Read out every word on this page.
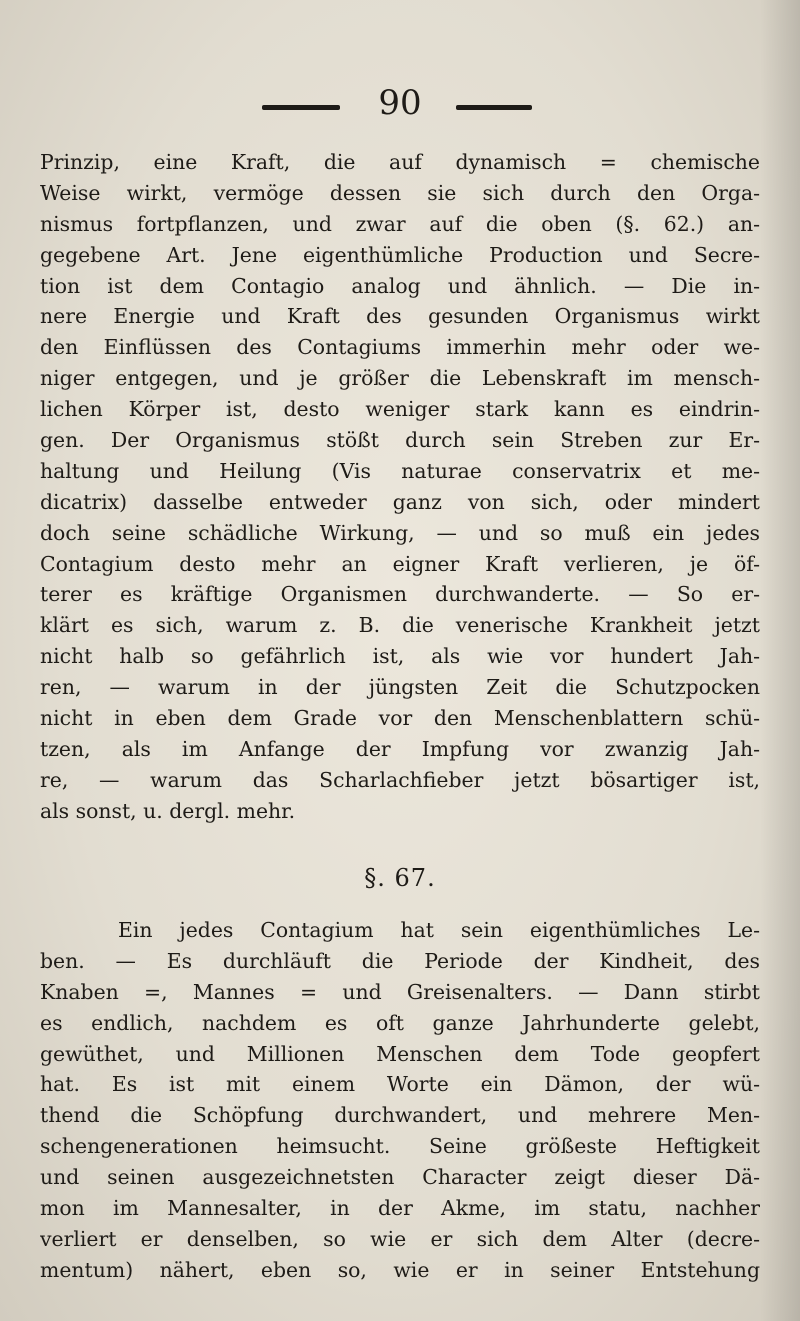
90
Prinzip, eine Kraft, die auf dynamisch = chemische
Weise wirkt, vermöge dessen sie sich durch den Orga-
nismus fortpflanzen, und zwar auf die oben (§. 62.) an-
gegebene Art. Jene eigenthümliche Production und Secre-
tion ist dem Contagio analog und ähnlich. — Die in-
nere Energie und Kraft des gesunden Organismus wirkt
den Einflüssen des Contagiums immerhin mehr oder we-
niger entgegen, und je größer die Lebenskraft im mensch-
lichen Körper ist, desto weniger stark kann es eindrin-
gen. Der Organismus stößt durch sein Streben zur Er-
haltung und Heilung (Vis naturae conservatrix et me-
dicatrix) dasselbe entweder ganz von sich, oder mindert
doch seine schädliche Wirkung, — und so muß ein jedes
Contagium desto mehr an eigner Kraft verlieren, je öf-
terer es kräftige Organismen durchwanderte. — So er-
klärt es sich, warum z. B. die venerische Krankheit jetzt
nicht halb so gefährlich ist, als wie vor hundert Jah-
ren, — warum in der jüngsten Zeit die Schutzpocken
nicht in eben dem Grade vor den Menschenblattern schü-
tzen, als im Anfange der Impfung vor zwanzig Jah-
re, — warum das Scharlachfieber jetzt bösartiger ist,
als sonst, u. dergl. mehr.
§. 67.
Ein jedes Contagium hat sein eigenthümliches Le-
ben. — Es durchläuft die Periode der Kindheit, des
Knaben =, Mannes = und Greisenalters. — Dann stirbt
es endlich, nachdem es oft ganze Jahrhunderte gelebt,
gewüthet, und Millionen Menschen dem Tode geopfert
hat. Es ist mit einem Worte ein Dämon, der wü-
thend die Schöpfung durchwandert, und mehrere Men-
schengenerationen heimsucht. Seine größeste Heftigkeit
und seinen ausgezeichnetsten Character zeigt dieser Dä-
mon im Mannesalter, in der Akme, im statu, nachher
verliert er denselben, so wie er sich dem Alter (decre-
mentum) nähert, eben so, wie er in seiner Entstehung
